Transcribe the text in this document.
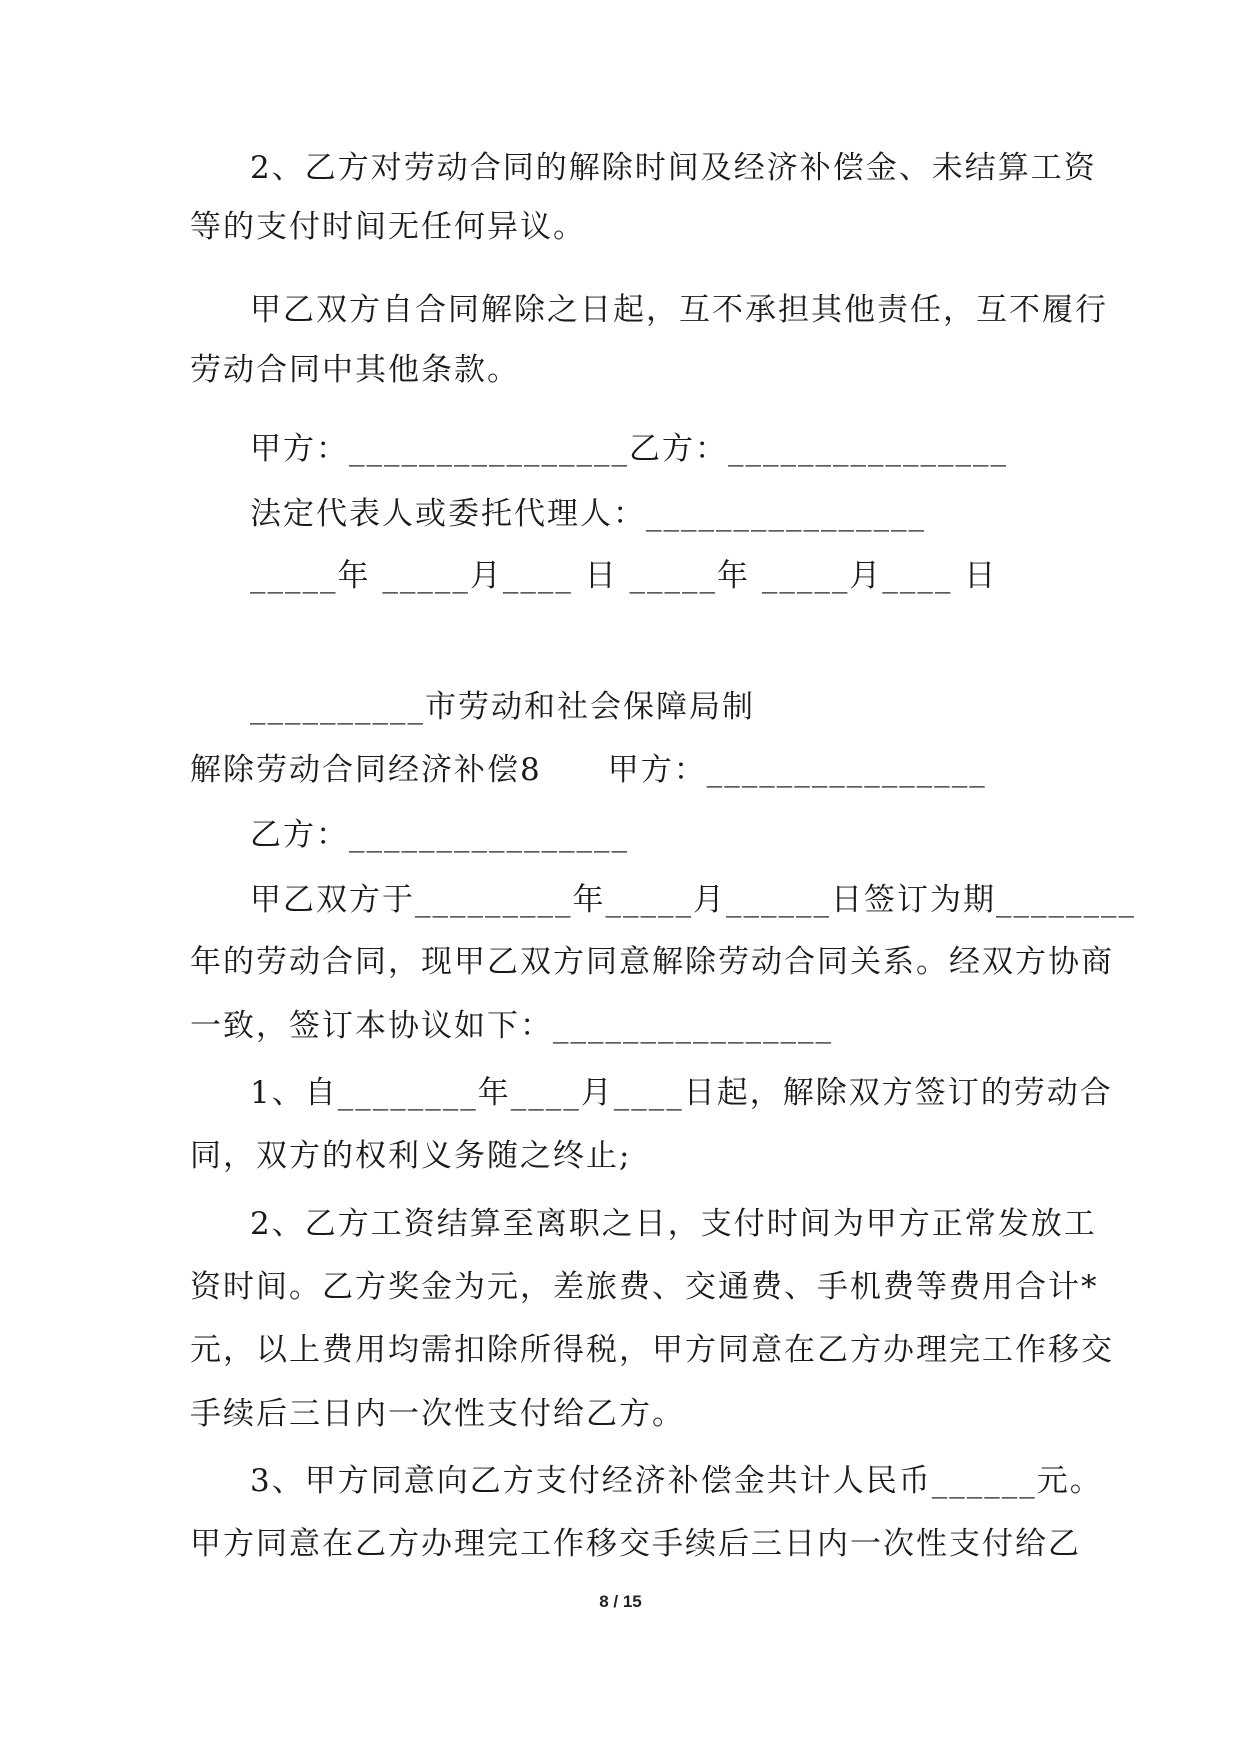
2、乙方对劳动合同的解除时间及经济补偿金、未结算工资
等的支付时间无任何异议。
甲乙双方自合同解除之日起，互不承担其他责任，互不履行
劳动合同中其他条款。
甲方：________________乙方：________________
法定代表人或委托代理人：________________
_____年 _____月____ 日 _____年 _____月____ 日
__________市劳动和社会保障局制
解除劳动合同经济补偿8　　甲方：________________
乙方：________________
甲乙双方于_________年_____月______日签订为期________
年的劳动合同，现甲乙双方同意解除劳动合同关系。经双方协商
一致，签订本协议如下：________________
1、自________年____月____日起，解除双方签订的劳动合
同，双方的权利义务随之终止;
2、乙方工资结算至离职之日，支付时间为甲方正常发放工
资时间。乙方奖金为元，差旅费、交通费、手机费等费用合计*
元，以上费用均需扣除所得税，甲方同意在乙方办理完工作移交
手续后三日内一次性支付给乙方。
3、甲方同意向乙方支付经济补偿金共计人民币______元。
甲方同意在乙方办理完工作移交手续后三日内一次性支付给乙
8 / 15
